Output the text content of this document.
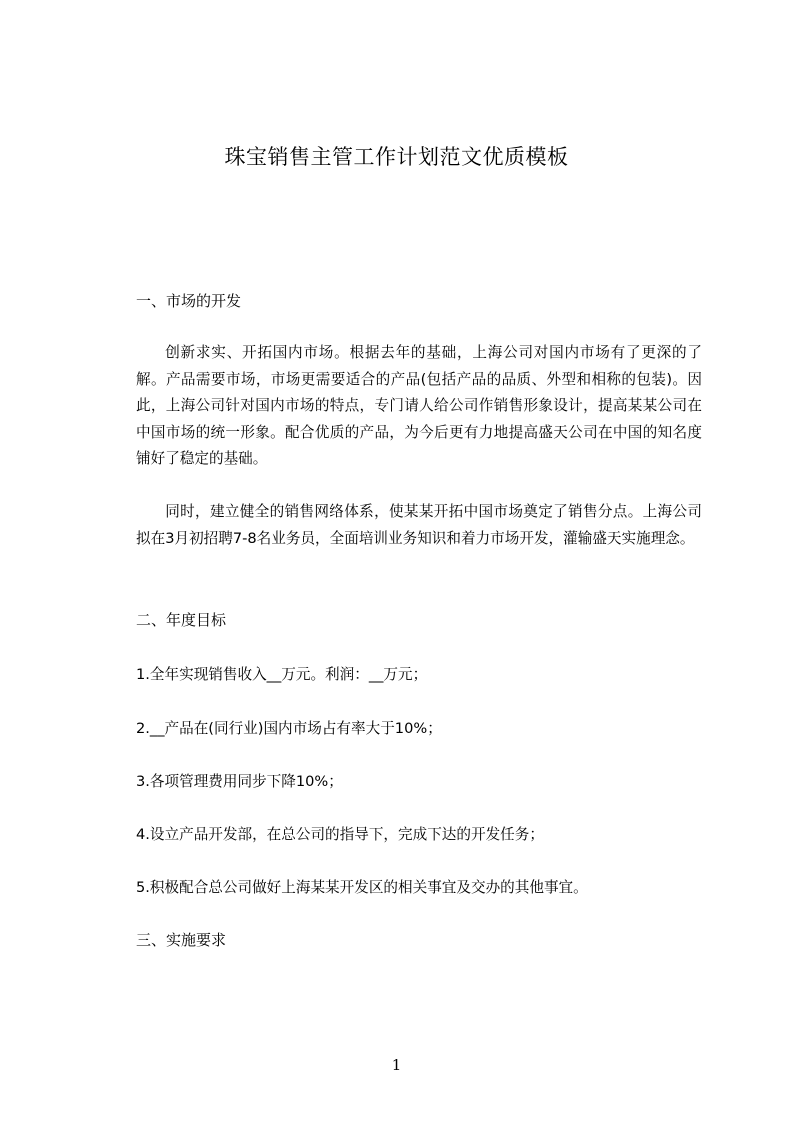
珠宝销售主管工作计划范文优质模板
一、市场的开发
创新求实、开拓国内市场。根据去年的基础，上海公司对国内市场有了更深的了解。产品需要市场，市场更需要适合的产品(包括产品的品质、外型和相称的包装)。因此，上海公司针对国内市场的特点，专门请人给公司作销售形象设计，提高某某公司在中国市场的统一形象。配合优质的产品，为今后更有力地提高盛天公司在中国的知名度铺好了稳定的基础。
同时，建立健全的销售网络体系，使某某开拓中国市场奠定了销售分点。上海公司拟在3月初招聘7-8名业务员，全面培训业务知识和着力市场开发，灌输盛天实施理念。
二、年度目标
1.全年实现销售收入__万元。利润：__万元；
2.__产品在(同行业)国内市场占有率大于10%；
3.各项管理费用同步下降10%；
4.设立产品开发部，在总公司的指导下，完成下达的开发任务；
5.积极配合总公司做好上海某某开发区的相关事宜及交办的其他事宜。
三、实施要求
1
